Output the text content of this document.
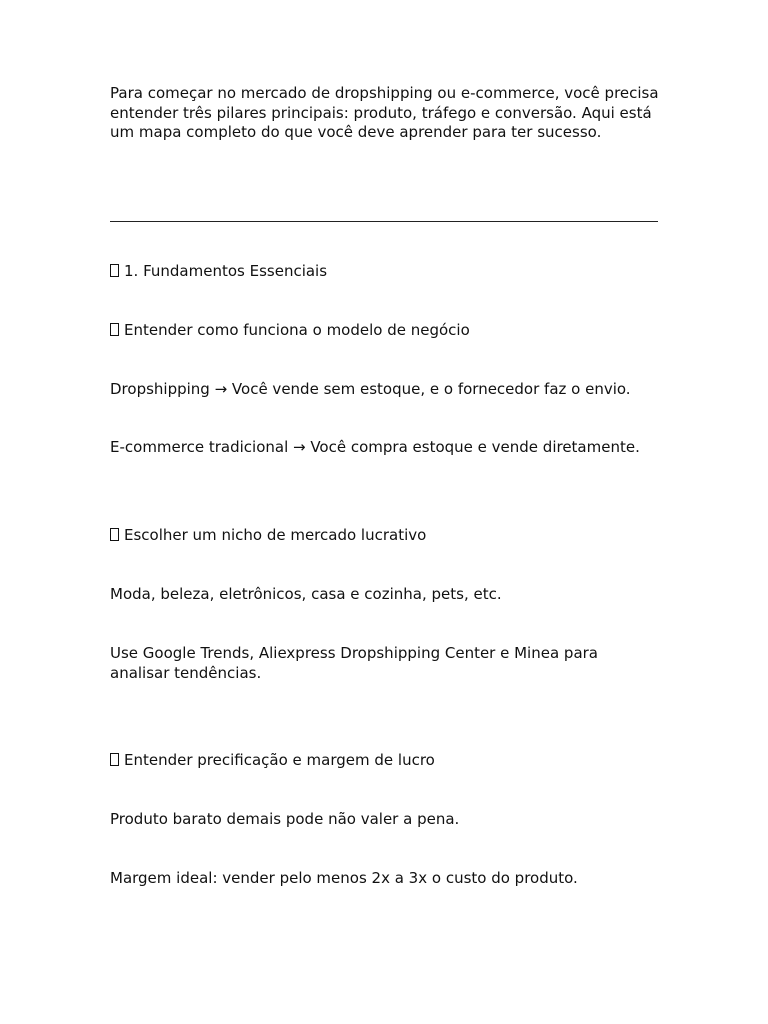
Para começar no mercado de dropshipping ou e-commerce, você precisa entender três pilares principais: produto, tráfego e conversão. Aqui está um mapa completo do que você deve aprender para ter sucesso.

1. Fundamentos Essenciais
Entender como funciona o modelo de negócio
Dropshipping → Você vende sem estoque, e o fornecedor faz o envio.
E-commerce tradicional → Você compra estoque e vende diretamente.
Escolher um nicho de mercado lucrativo
Moda, beleza, eletrônicos, casa e cozinha, pets, etc.
Use Google Trends, Aliexpress Dropshipping Center e Minea para analisar tendências.
Entender precificação e margem de lucro
Produto barato demais pode não valer a pena.
Margem ideal: vender pelo menos 2x a 3x o custo do produto.
